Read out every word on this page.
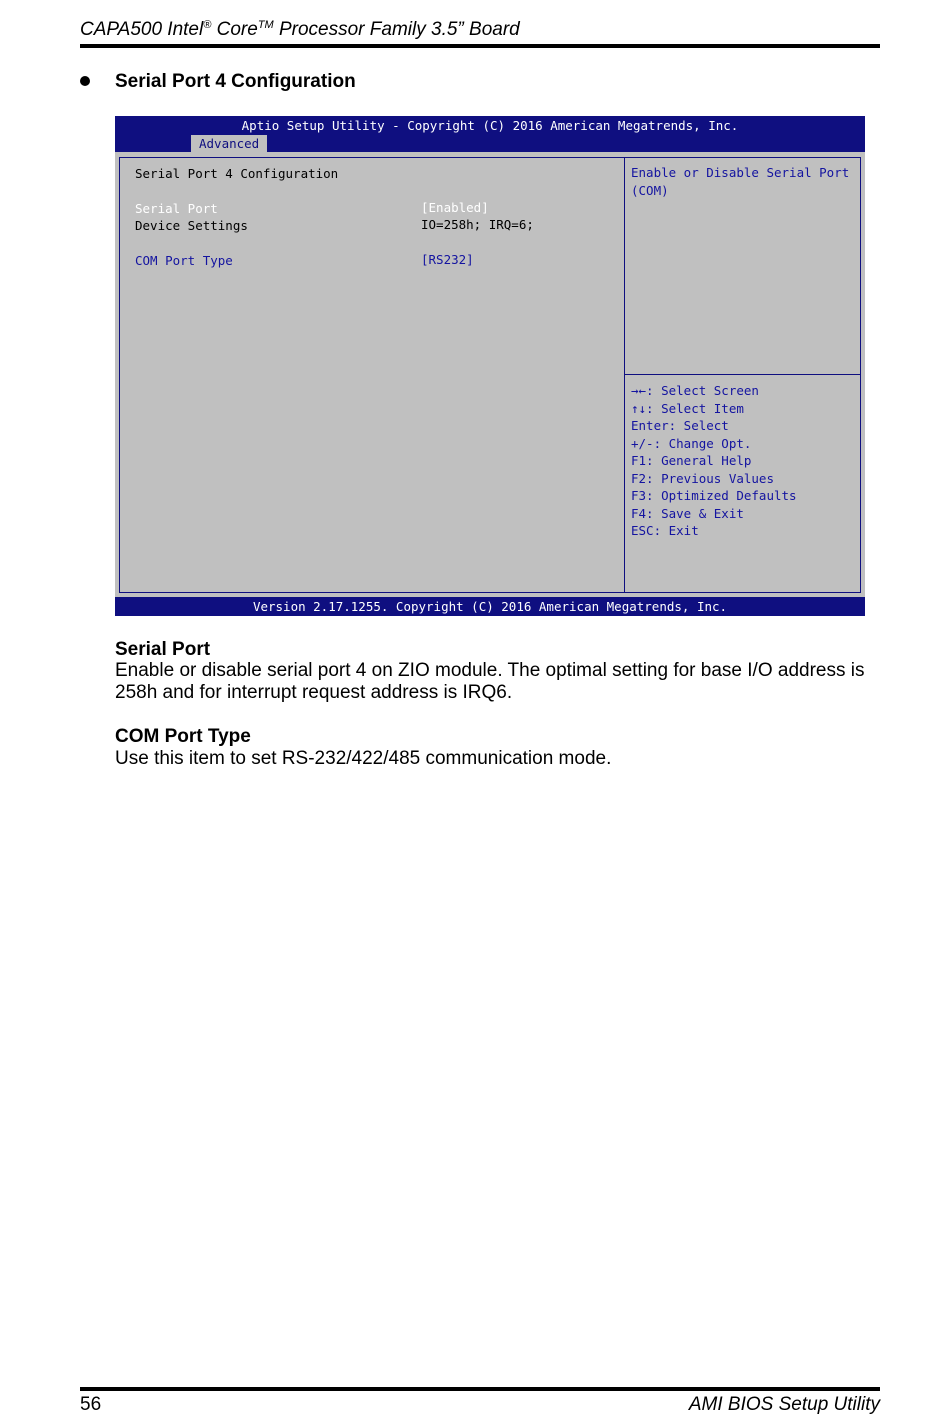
CAPA500 Intel® Core™ Processor Family 3.5” Board
Serial Port 4 Configuration
Aptio Setup Utility - Copyright (C) 2016 American Megatrends, Inc.
Advanced
Serial Port 4 Configuration
Serial Port	[Enabled]
Device Settings	IO=258h; IRQ=6;
COM Port Type	[RS232]
Enable or Disable Serial Port (COM)
→←: Select Screen
↑↓: Select Item
Enter: Select
+/-: Change Opt.
F1: General Help
F2: Previous Values
F3: Optimized Defaults
F4: Save & Exit
ESC: Exit
Version 2.17.1255. Copyright (C) 2016 American Megatrends, Inc.
Serial Port
Enable or disable serial port 4 on ZIO module. The optimal setting for base I/O address is 258h and for interrupt request address is IRQ6.
COM Port Type
Use this item to set RS-232/422/485 communication mode.
56	AMI BIOS Setup Utility
